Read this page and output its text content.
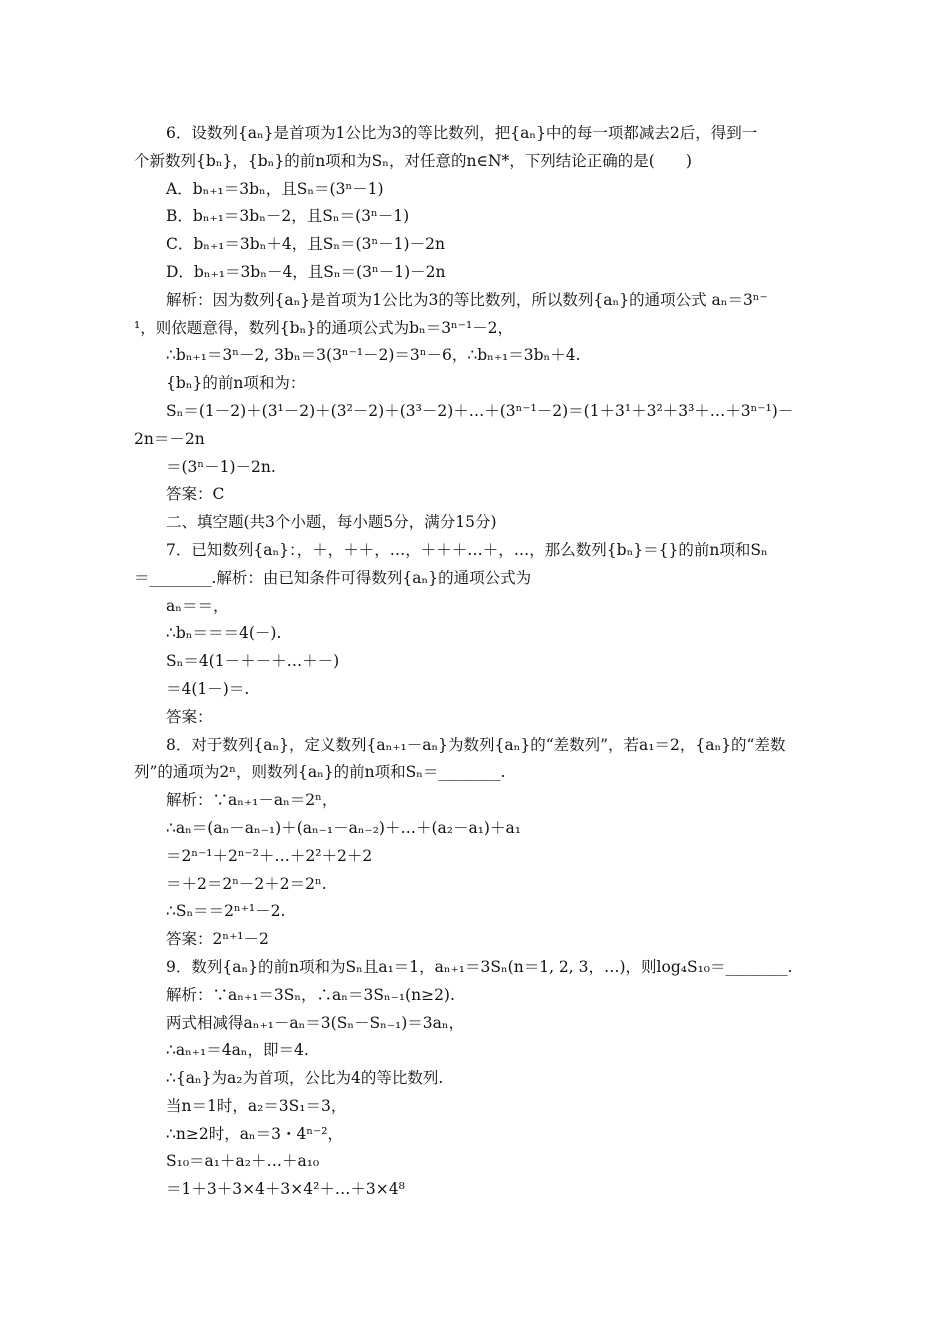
6．设数列{aₙ}是首项为1公比为3的等比数列，把{aₙ}中的每一项都减去2后，得到一
个新数列{bₙ}，{bₙ}的前n项和为Sₙ，对任意的n∈N*，下列结论正确的是(　　)
A．bₙ₊₁＝3bₙ，且Sₙ＝(3ⁿ－1)
B．bₙ₊₁＝3bₙ－2，且Sₙ＝(3ⁿ－1)
C．bₙ₊₁＝3bₙ＋4，且Sₙ＝(3ⁿ－1)－2n
D．bₙ₊₁＝3bₙ－4，且Sₙ＝(3ⁿ－1)－2n
解析：因为数列{aₙ}是首项为1公比为3的等比数列，所以数列{aₙ}的通项公式 aₙ＝3ⁿ⁻
¹，则依题意得，数列{bₙ}的通项公式为bₙ＝3ⁿ⁻¹－2，
∴bₙ₊₁＝3ⁿ－2, 3bₙ＝3(3ⁿ⁻¹－2)＝3ⁿ－6，∴bₙ₊₁＝3bₙ＋4.
{bₙ}的前n项和为：
Sₙ＝(1－2)＋(3¹－2)＋(3²－2)＋(3³－2)＋…＋(3ⁿ⁻¹－2)＝(1＋3¹＋3²＋3³＋…＋3ⁿ⁻¹)－
2n＝－2n
＝(3ⁿ－1)－2n.
答案：C
二、填空题(共3个小题，每小题5分，满分15分)
7．已知数列{aₙ}：，＋，＋＋，…，＋＋＋…＋，…，那么数列{bₙ}＝{}的前n项和Sₙ
＝________.解析：由已知条件可得数列{aₙ}的通项公式为
aₙ＝＝，
∴bₙ＝＝＝4(－).
Sₙ＝4(1－＋－＋…＋－)
＝4(1－)＝.
答案：
8．对于数列{aₙ}，定义数列{aₙ₊₁－aₙ}为数列{aₙ}的“差数列”，若a₁＝2，{aₙ}的“差数
列”的通项为2ⁿ，则数列{aₙ}的前n项和Sₙ＝________.
解析：∵aₙ₊₁－aₙ＝2ⁿ，
∴aₙ＝(aₙ－aₙ₋₁)＋(aₙ₋₁－aₙ₋₂)＋…＋(a₂－a₁)＋a₁
＝2ⁿ⁻¹＋2ⁿ⁻²＋…＋2²＋2＋2
＝＋2＝2ⁿ－2＋2＝2ⁿ.
∴Sₙ＝＝2ⁿ⁺¹－2.
答案：2ⁿ⁺¹－2
9．数列{aₙ}的前n项和为Sₙ且a₁＝1，aₙ₊₁＝3Sₙ(n＝1, 2, 3，…)，则log₄S₁₀＝________.
解析：∵aₙ₊₁＝3Sₙ，∴aₙ＝3Sₙ₋₁(n≥2).
两式相减得aₙ₊₁－aₙ＝3(Sₙ－Sₙ₋₁)＝3aₙ，
∴aₙ₊₁＝4aₙ，即＝4.
∴{aₙ}为a₂为首项，公比为4的等比数列.
当n＝1时，a₂＝3S₁＝3，
∴n≥2时，aₙ＝3・4ⁿ⁻²，
S₁₀＝a₁＋a₂＋…＋a₁₀
＝1＋3＋3×4＋3×4²＋…＋3×4⁸
